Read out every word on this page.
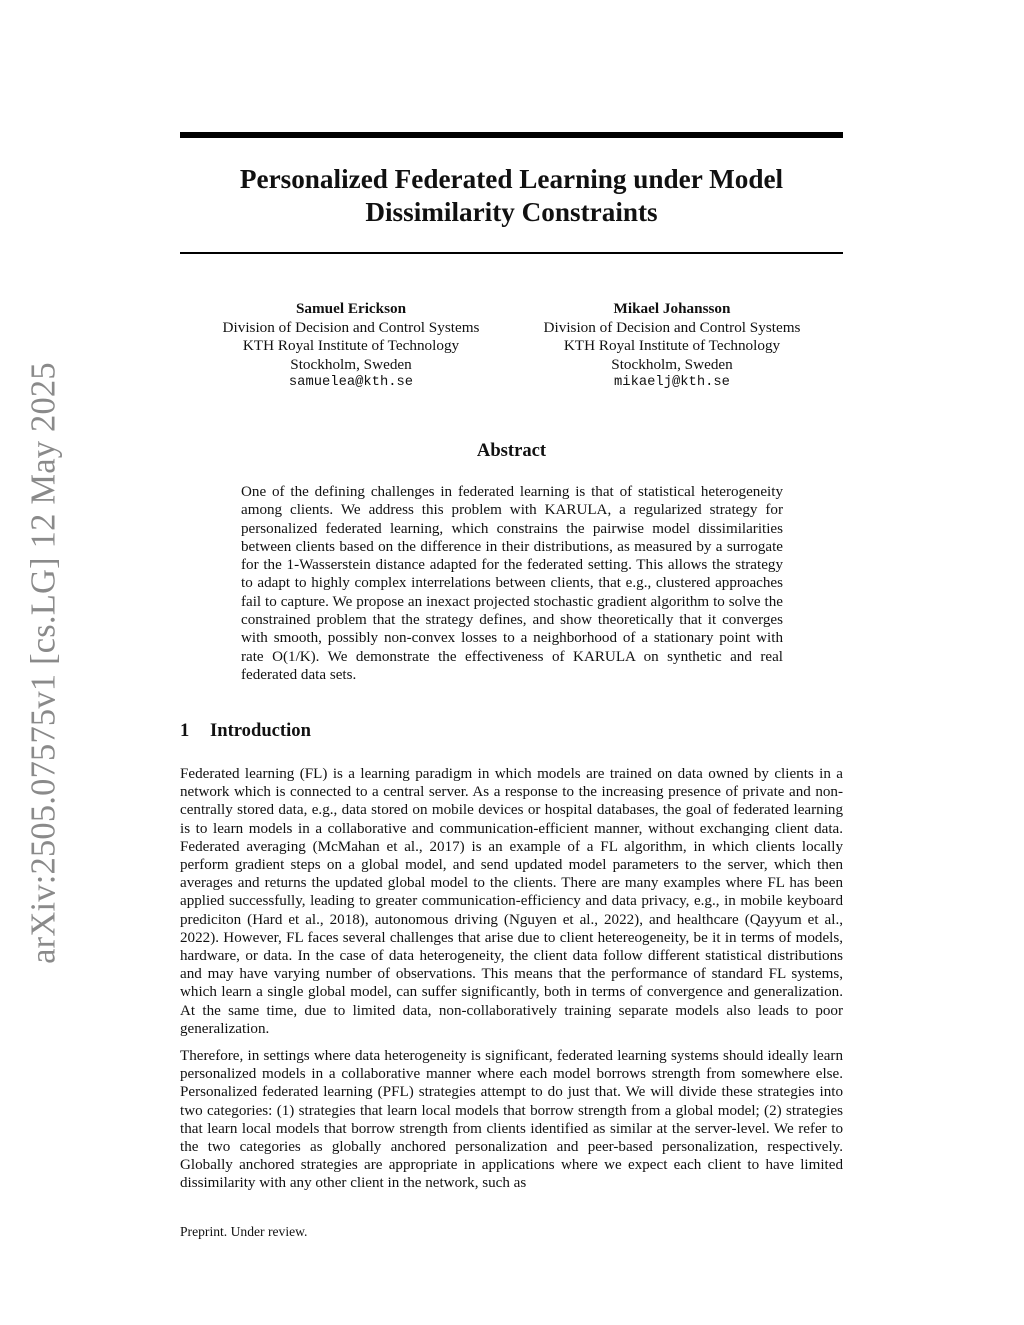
arXiv:2505.07575v1 [cs.LG] 12 May 2025
Personalized Federated Learning under Model Dissimilarity Constraints
Samuel Erickson
Division of Decision and Control Systems
KTH Royal Institute of Technology
Stockholm, Sweden
samuelea@kth.se
Mikael Johansson
Division of Decision and Control Systems
KTH Royal Institute of Technology
Stockholm, Sweden
mikaelj@kth.se
Abstract

One of the defining challenges in federated learning is that of statistical heterogeneity among clients. We address this problem with KARULA, a regularized strategy for personalized federated learning, which constrains the pairwise model dissimilarities between clients based on the difference in their distributions, as measured by a surrogate for the 1-Wasserstein distance adapted for the federated setting. This allows the strategy to adapt to highly complex interrelations between clients, that e.g., clustered approaches fail to capture. We propose an inexact projected stochastic gradient algorithm to solve the constrained problem that the strategy defines, and show theoretically that it converges with smooth, possibly non-convex losses to a neighborhood of a stationary point with rate O(1/K). We demonstrate the effectiveness of KARULA on synthetic and real federated data sets.

1 Introduction

Federated learning (FL) is a learning paradigm in which models are trained on data owned by clients in a network which is connected to a central server. As a response to the increasing presence of private and non-centrally stored data, e.g., data stored on mobile devices or hospital databases, the goal of federated learning is to learn models in a collaborative and communication-efficient manner, without exchanging client data. Federated averaging (McMahan et al., 2017) is an example of a FL algorithm, in which clients locally perform gradient steps on a global model, and send updated model parameters to the server, which then averages and returns the updated global model to the clients. There are many examples where FL has been applied successfully, leading to greater communication-efficiency and data privacy, e.g., in mobile keyboard prediciton (Hard et al., 2018), autonomous driving (Nguyen et al., 2022), and healthcare (Qayyum et al., 2022). However, FL faces several challenges that arise due to client hetereogeneity, be it in terms of models, hardware, or data. In the case of data heterogeneity, the client data follow different statistical distributions and may have varying number of observations. This means that the performance of standard FL systems, which learn a single global model, can suffer significantly, both in terms of convergence and generalization. At the same time, due to limited data, non-collaboratively training separate models also leads to poor generalization.

Therefore, in settings where data heterogeneity is significant, federated learning systems should ideally learn personalized models in a collaborative manner where each model borrows strength from somewhere else. Personalized federated learning (PFL) strategies attempt to do just that. We will divide these strategies into two categories: (1) strategies that learn local models that borrow strength from a global model; (2) strategies that learn local models that borrow strength from clients identified as similar at the server-level. We refer to the two categories as globally anchored personalization and peer-based personalization, respectively. Globally anchored strategies are appropriate in applications where we expect each client to have limited dissimilarity with any other client in the network, such as

Preprint. Under review.
